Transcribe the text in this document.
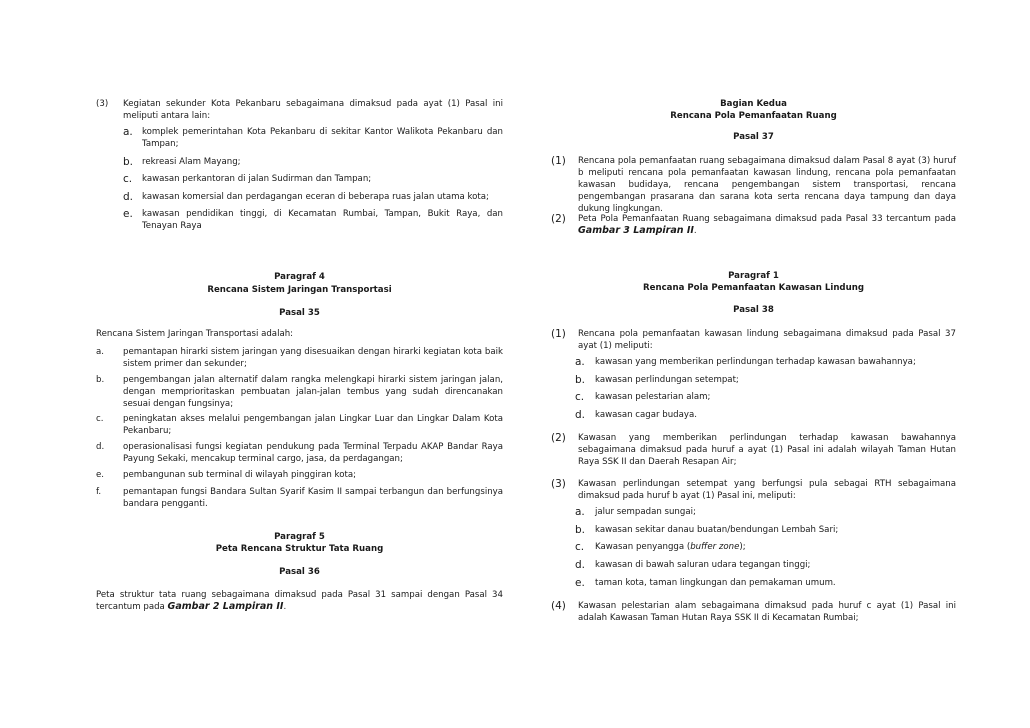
(3) Kegiatan sekunder Kota Pekanbaru sebagaimana dimaksud pada ayat (1) Pasal ini meliputi antara lain:
a. komplek pemerintahan Kota Pekanbaru di sekitar Kantor Walikota Pekanbaru dan Tampan;
b. rekreasi Alam Mayang;
c. kawasan perkantoran di jalan Sudirman dan Tampan;
d. kawasan komersial dan perdagangan eceran di beberapa ruas jalan utama kota;
e. kawasan pendidikan tinggi, di Kecamatan Rumbai, Tampan, Bukit Raya, dan Tenayan Raya
Paragraf 4
Rencana Sistem Jaringan Transportasi
Pasal 35
Rencana Sistem Jaringan Transportasi adalah:
a. pemantapan hirarki sistem jaringan yang disesuaikan dengan hirarki kegiatan kota baik sistem primer dan sekunder;
b. pengembangan jalan alternatif dalam rangka melengkapi hirarki sistem jaringan jalan, dengan memprioritaskan pembuatan jalan-jalan tembus yang sudah direncanakan sesuai dengan fungsinya;
c. peningkatan akses melalui pengembangan jalan Lingkar Luar dan Lingkar Dalam Kota Pekanbaru;
d. operasionalisasi fungsi kegiatan pendukung pada Terminal Terpadu AKAP Bandar Raya Payung Sekaki, mencakup terminal cargo, jasa, da perdagangan;
e. pembangunan sub terminal di wilayah pinggiran kota;
f.	pemantapan fungsi Bandara Sultan Syarif Kasim II sampai terbangun dan berfungsinya bandara pengganti.
Paragraf 5
Peta Rencana Struktur Tata Ruang
Pasal 36
Peta struktur tata ruang sebagaimana dimaksud pada Pasal 31 sampai dengan Pasal 34 tercantum pada Gambar 2 Lampiran II.
Bagian Kedua
Rencana Pola Pemanfaatan Ruang
Pasal 37
(1) Rencana pola pemanfaatan ruang sebagaimana dimaksud dalam Pasal 8 ayat (3) huruf b meliputi rencana pola pemanfaatan kawasan lindung, rencana pola pemanfaatan kawasan budidaya, rencana pengembangan sistem transportasi, rencana pengembangan prasarana dan sarana kota serta rencana daya tampung dan daya dukung lingkungan.
(2) Peta Pola Pemanfaatan Ruang sebagaimana dimaksud pada Pasal 33 tercantum pada Gambar 3 Lampiran II.
Paragraf 1
Rencana Pola Pemanfaatan Kawasan Lindung
Pasal 38
(1) Rencana pola pemanfaatan kawasan lindung sebagaimana dimaksud pada Pasal 37 ayat (1) meliputi:
a. kawasan yang memberikan perlindungan terhadap kawasan bawahannya;
b. kawasan perlindungan setempat;
c. kawasan pelestarian alam;
d. kawasan cagar budaya.
(2) Kawasan yang memberikan perlindungan terhadap kawasan bawahannya sebagaimana dimaksud pada huruf a ayat (1) Pasal ini adalah wilayah Taman Hutan Raya SSK II dan Daerah Resapan Air;
(3) Kawasan perlindungan setempat yang berfungsi pula sebagai RTH sebagaimana dimaksud pada huruf b ayat (1) Pasal ini, meliputi:
a. jalur sempadan sungai;
b. kawasan sekitar danau buatan/bendungan Lembah Sari;
c. Kawasan penyangga (buffer zone);
d. kawasan di bawah saluran udara tegangan tinggi;
e. taman kota, taman lingkungan dan pemakaman umum.
(4) Kawasan pelestarian alam sebagaimana dimaksud pada huruf c ayat (1) Pasal ini adalah Kawasan Taman Hutan Raya SSK II di Kecamatan Rumbai;
